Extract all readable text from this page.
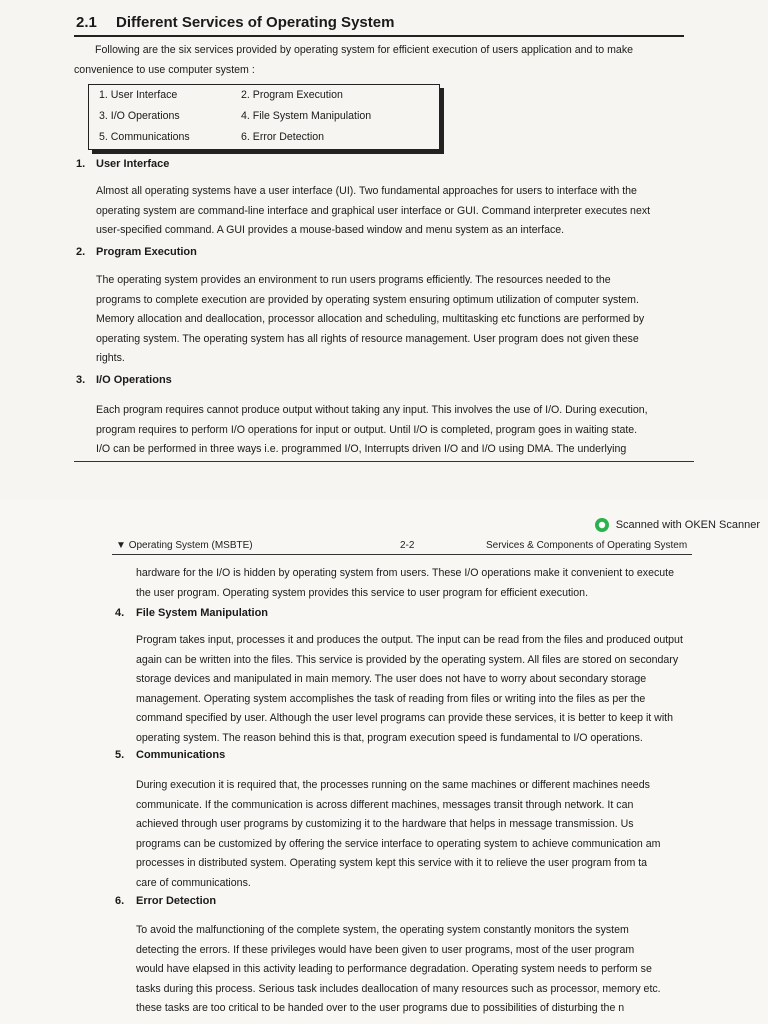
2.1 Different Services of Operating System
Following are the six services provided by operating system for efficient execution of users application and to make
convenience to use computer system :
1. User Interface	2. Program Execution
3. I/O Operations	4. File System Manipulation
5. Communications	6. Error Detection
1. User Interface

Almost all operating systems have a user interface (UI). Two fundamental approaches for users to interface with the

operating system are command-line interface and graphical user interface or GUI. Command interpreter executes next

user-specified command. A GUI provides a mouse-based window and menu system as an interface.

2. Program Execution

The operating system provides an environment to run users programs efficiently. The resources needed to the

programs to complete execution are provided by operating system ensuring optimum utilization of computer system.

Memory allocation and deallocation, processor allocation and scheduling, multitasking etc functions are performed by

operating system. The operating system has all rights of resource management. User program does not given these

rights.

3. I/O Operations

Each program requires cannot produce output without taking any input. This involves the use of I/O. During execution,

program requires to perform I/O operations for input or output. Until I/O is completed, program goes in waiting state.

I/O can be performed in three ways i.e. programmed I/O, Interrupts driven I/O and I/O using DMA. The underlying

Scanned with OKEN Scanner
▼ Operating System (MSBTE)	2-2	Services & Components of Operating System

hardware for the I/O is hidden by operating system from users. These I/O operations make it convenient to execute

the user program. Operating system provides this service to user program for efficient execution.

4. File System Manipulation

Program takes input, processes it and produces the output. The input can be read from the files and produced output

again can be written into the files. This service is provided by the operating system. All files are stored on secondary

storage devices and manipulated in main memory. The user does not have to worry about secondary storage

management. Operating system accomplishes the task of reading from files or writing into the files as per the

command specified by user. Although the user level programs can provide these services, it is better to keep it with

operating system. The reason behind this is that, program execution speed is fundamental to I/O operations.

5. Communications

During execution it is required that, the processes running on the same machines or different machines needs

communicate. If the communication is across different machines, messages transit through network. It can

achieved through user programs by customizing it to the hardware that helps in message transmission. Us

programs can be customized by offering the service interface to operating system to achieve communication am

processes in distributed system. Operating system kept this service with it to relieve the user program from ta

care of communications.

6. Error Detection

To avoid the malfunctioning of the complete system, the operating system constantly monitors the system

detecting the errors. If these privileges would have been given to user programs, most of the user program

would have elapsed in this activity leading to performance degradation. Operating system needs to perform se

tasks during this process. Serious task includes deallocation of many resources such as processor, memory etc.

these tasks are too critical to be handed over to the user programs due to possibilities of disturbing the n
